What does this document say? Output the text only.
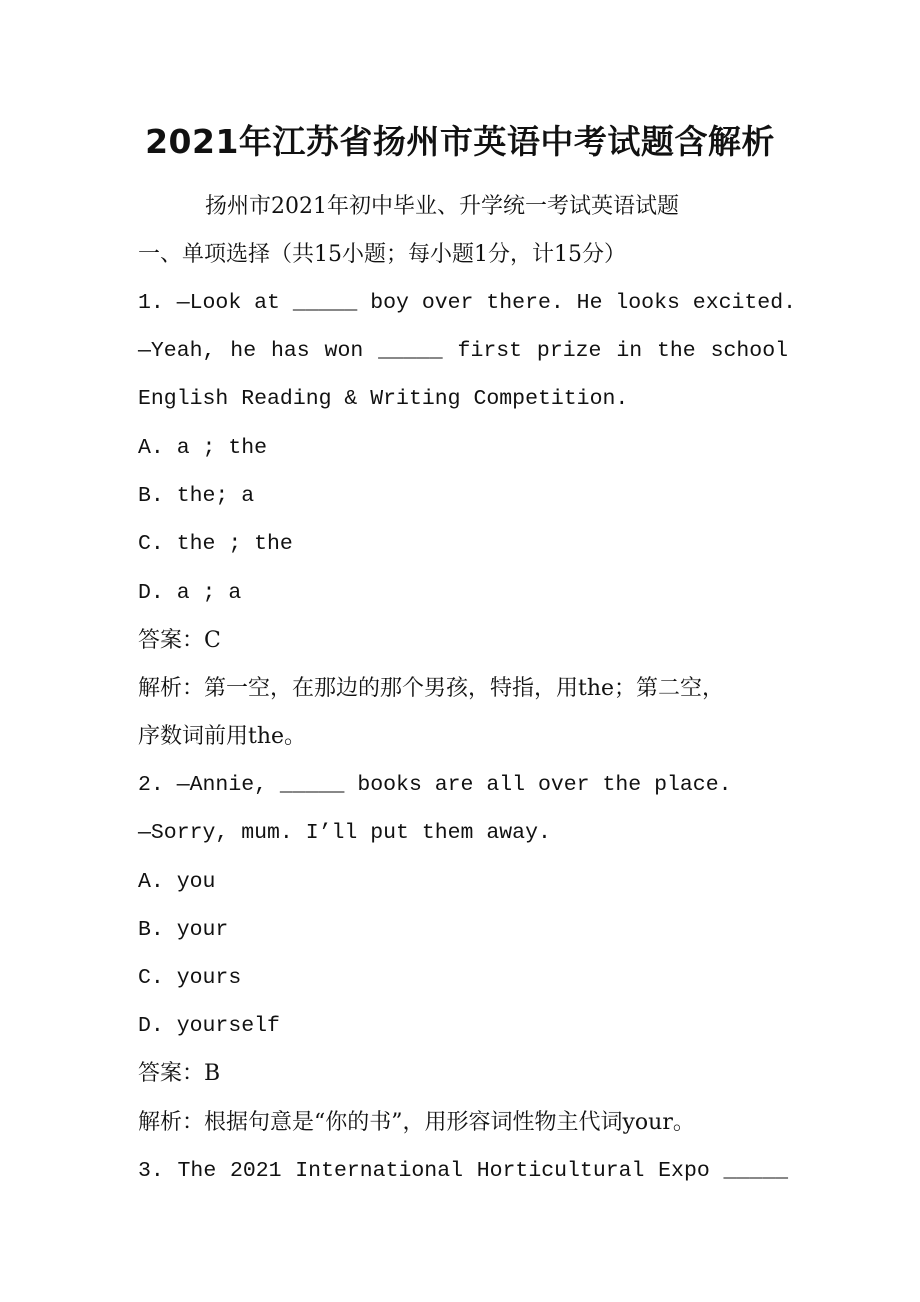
2021年江苏省扬州市英语中考试题含解析
扬州市2021年初中毕业、升学统一考试英语试题
一、单项选择（共15小题；每小题1分，计15分）
1. —Look at _____ boy over there. He looks excited.
—Yeah, he has won _____ first prize in the school
English Reading & Writing Competition.
A. a ; the
B. the; a
C. the ; the
D. a ; a
答案：C
解析：第一空，在那边的那个男孩，特指，用the；第二空，
序数词前用the。
2. —Annie, _____ books are all over the place.
—Sorry, mum. I’ll put them away.
A. you
B. your
C. yours
D. yourself
答案：B
解析：根据句意是“你的书”，用形容词性物主代词your。
3. The 2021 International Horticultural Expo _____
